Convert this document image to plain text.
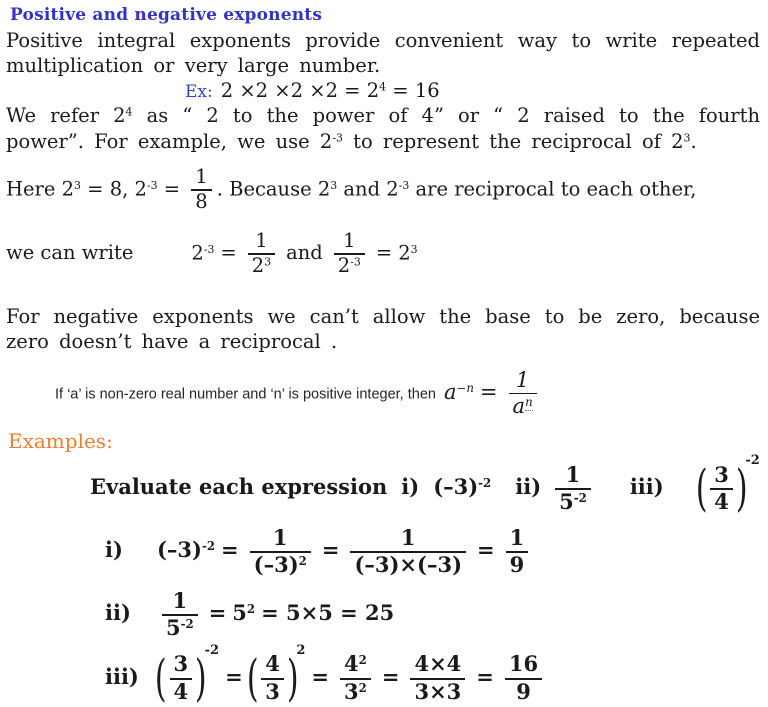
Positive and negative exponents

Positive integral exponents provide convenient way to write repeated multiplication or very large number.

Ex: $2 \times 2 \times 2 \times 2 = 2^4 = 16$

We refer $2^4$ as “ 2 to the power of 4” or “ 2 raised to the fourth power”. For example, we use $2^{-3}$ to represent the reciprocal of $2^3$.

Here $2^3 = 8$, $2^{-3} = \frac{1}{8}$ . Because $2^3$ and $2^{-3}$ are reciprocal to each other,
we can write	$2^{-3} = \frac{1}{2^3}$ and $\frac{1}{2^{-3}} = 2^3$

For negative exponents we can’t allow the base to be zero, because zero doesn’t have a reciprocal .

If ‘a’ is non-zero real number and ‘n’ is positive integer, then $a^{-n} = \frac{1}{a^n}$
Examples:
Evaluate each expression i) $(-3)^{-2}$ $ii) \frac{1}{5^{-2}} iii$) ( $\frac{3}{4} )^{-2}$
i) $(-3)^{-2} = \frac{1}{(-3)^2} = \frac{1}{(-3)\times(-3)} = \frac{1}{9}$
$ii) \frac{1}{5^{-2}} = 5^2 = 5\times 5 = 25$
iii) ( $\frac{3}{4} )^{-2}=( \frac{4}{3} )^2= \frac{4^2}{3^2} = \frac{4\times 4}{3\times 3} = \frac{16}{9}$
